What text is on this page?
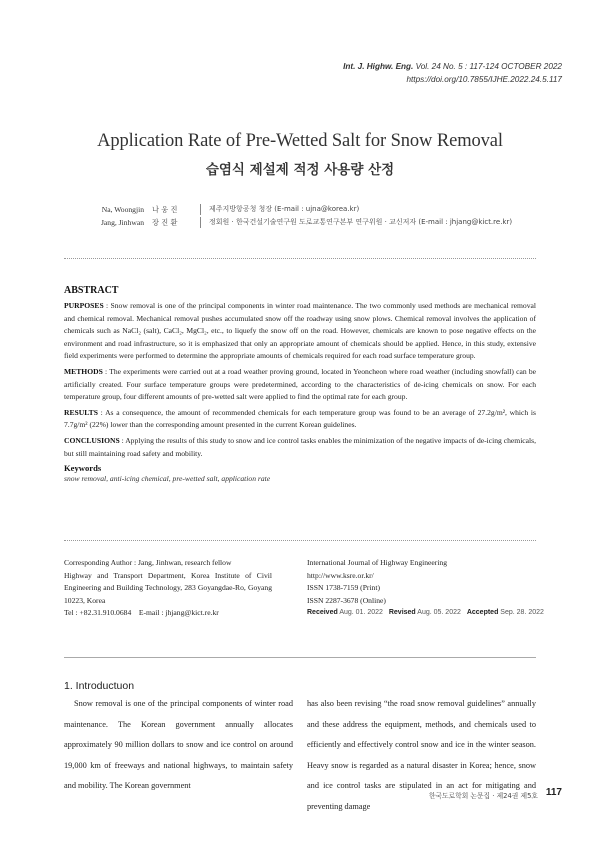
Int. J. Highw. Eng. Vol. 24 No. 5 : 117-124 OCTOBER 2022
https://doi.org/10.7855/IJHE.2022.24.5.117
Application Rate of Pre-Wetted Salt for Snow Removal
습염식 제설제 적정 사용량 산정
Na, Woongjin	나 웅 진	제주지방항공청 청장 (E-mail : ujna@korea.kr)
Jang, Jinhwan	장 진 환	정회원 · 한국건설기술연구원 도로교통연구본부 연구위원 · 교신저자 (E-mail : jhjang@kict.re.kr)
ABSTRACT

PURPOSES : Snow removal is one of the principal components in winter road maintenance. The two commonly used methods are mechanical removal and chemical removal. Mechanical removal pushes accumulated snow off the roadway using snow plows. Chemical removal involves the application of chemicals such as NaCl₂ (salt), CaCl₂, MgCl₂, etc., to liquefy the snow off on the road. However, chemicals are known to pose negative effects on the environment and road infrastructure, so it is emphasized that only an appropriate amount of chemicals should be applied. Hence, in this study, extensive field experiments were performed to determine the appropriate amounts of chemicals required for each road surface temperature group.

METHODS : The experiments were carried out at a road weather proving ground, located in Yeoncheon where road weather (including snowfall) can be artificially created. Four surface temperature groups were predetermined, according to the characteristics of de-icing chemicals on snow. For each temperature group, four different amounts of pre-wetted salt were applied to find the optimal rate for each group.

RESULTS : As a consequence, the amount of recommended chemicals for each temperature group was found to be an average of 27.2g/m², which is 7.7g/m² (22%) lower than the corresponding amount presented in the current Korean guidelines.

CONCLUSIONS : Applying the results of this study to snow and ice control tasks enables the minimization of the negative impacts of de-icing chemicals, but still maintaining road safety and mobility.

Keywords
snow removal, anti-icing chemical, pre-wetted salt, application rate
Corresponding Author : Jang, Jinhwan, research fellow
Highway and Transport Department, Korea Institute of Civil Engineering and Building Technology, 283 Goyangdae-Ro, Goyang 10223, Korea
Tel : +82.31.910.0684    E-mail : jhjang@kict.re.kr
International Journal of Highway Engineering
http://www.ksre.or.kr/
ISSN 1738-7159 (Print)
ISSN 2287-3678 (Online)
Received Aug. 01. 2022 Revised Aug. 05. 2022 Accepted Sep. 28. 2022
1. Introductuon

Snow removal is one of the principal components of winter road maintenance. The Korean government annually allocates approximately 90 million dollars to snow and ice control on around 19,000 km of freeways and national highways, to maintain safety and mobility. The Korean government

has also been revising “the road snow removal guidelines” annually and these address the equipment, methods, and chemicals used to efficiently and effectively control snow and ice in the winter season. Heavy snow is regarded as a natural disaster in Korea; hence, snow and ice control tasks are stipulated in an act for mitigating and preventing damage

한국도로학회 논문집 · 제24권 제5호 117
